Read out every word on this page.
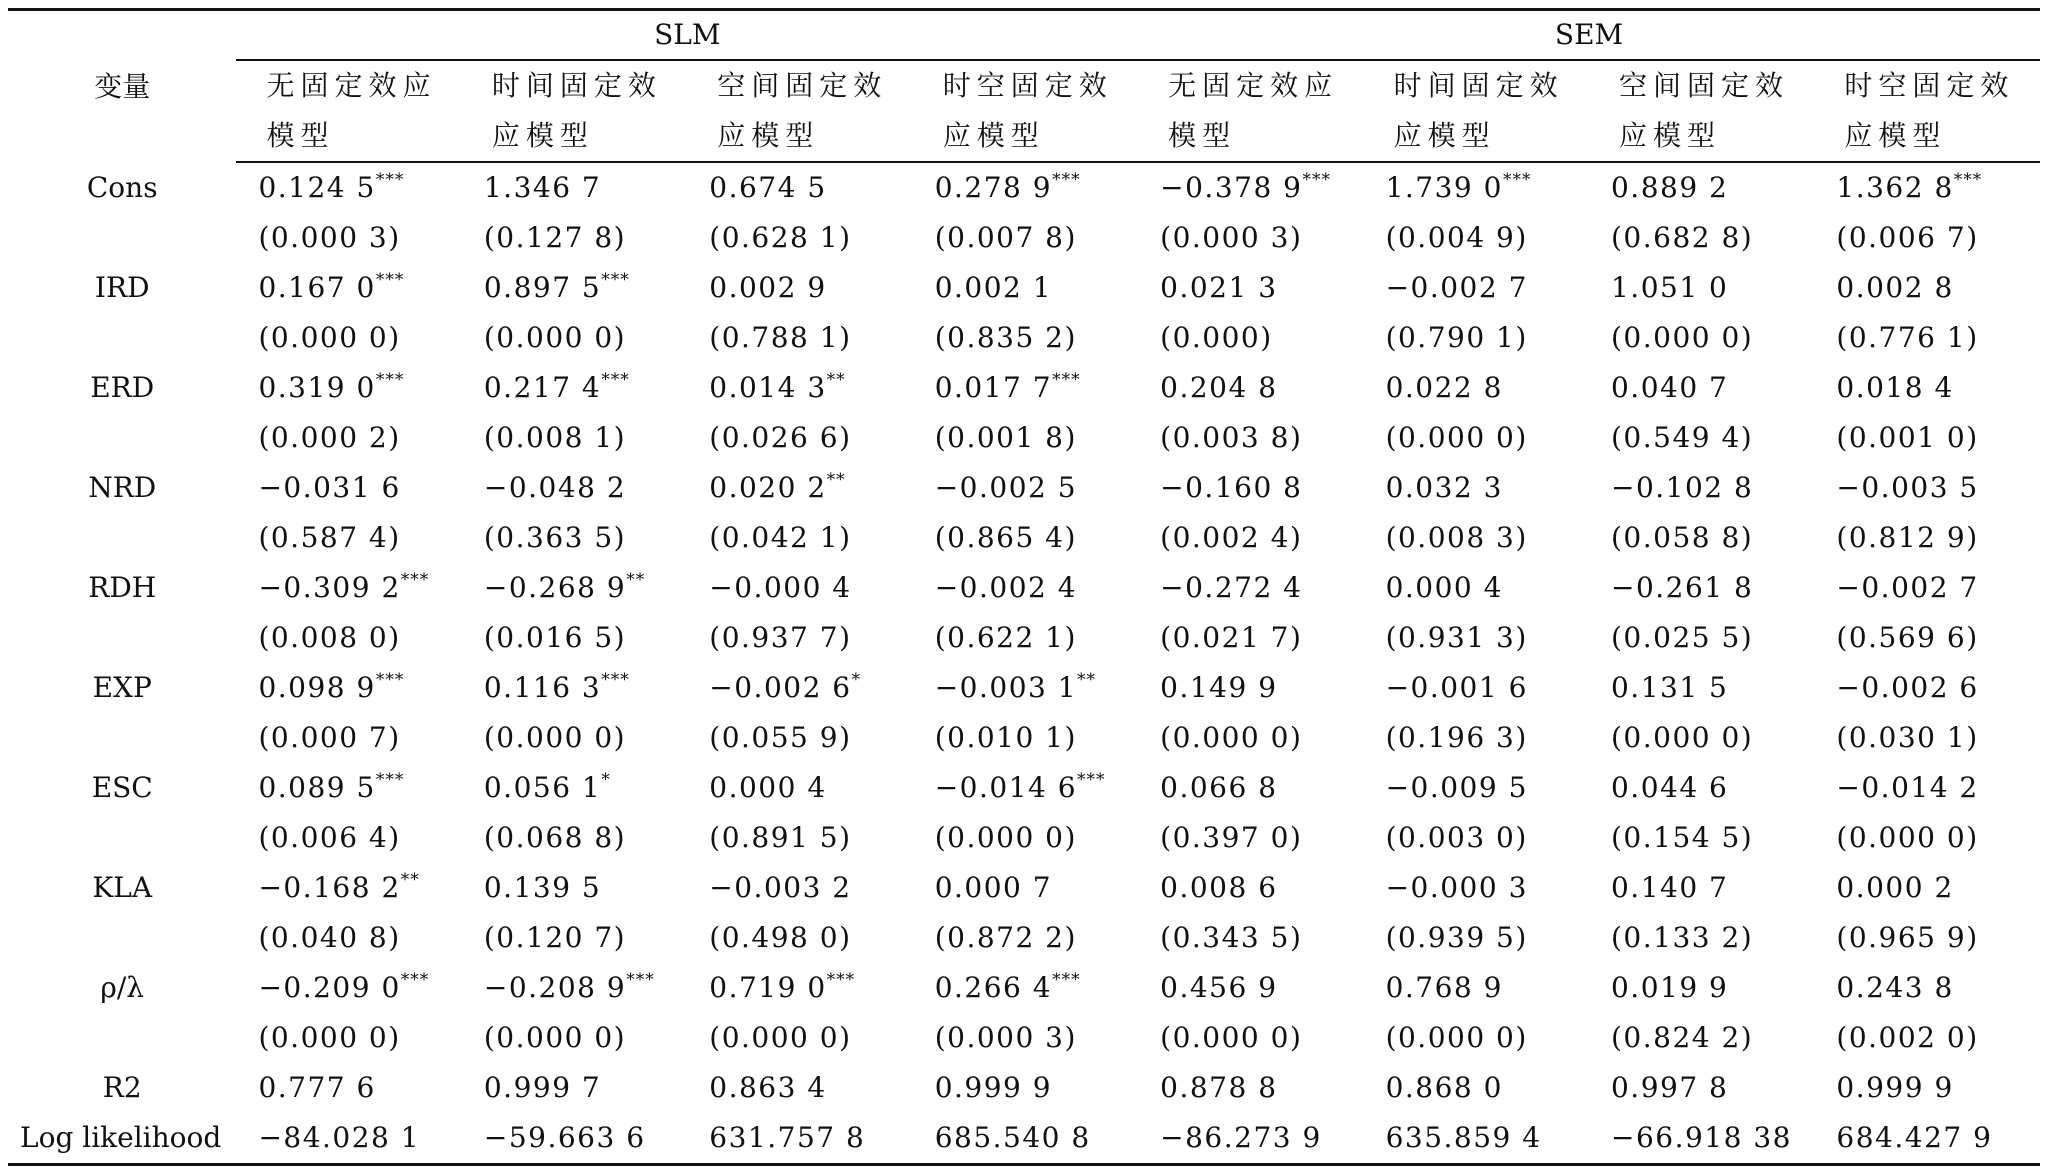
变量	SLM				SEM			
	无固定效应	时间固定效	空间固定效	时空固定效	无固定效应	时间固定效	空间固定效	时空固定效
	模型	应模型	应模型	应模型	模型	应模型	应模型	应模型
Cons	0.124 5***	1.346 7	0.674 5	0.278 9***	−0.378 9***	1.739 0***	0.889 2	1.362 8***
	(0.000 3)	(0.127 8)	(0.628 1)	(0.007 8)	(0.000 3)	(0.004 9)	(0.682 8)	(0.006 7)
IRD	0.167 0***	0.897 5***	0.002 9	0.002 1	0.021 3	−0.002 7	1.051 0	0.002 8
	(0.000 0)	(0.000 0)	(0.788 1)	(0.835 2)	(0.000)	(0.790 1)	(0.000 0)	(0.776 1)
ERD	0.319 0***	0.217 4***	0.014 3**	0.017 7***	0.204 8	0.022 8	0.040 7	0.018 4
	(0.000 2)	(0.008 1)	(0.026 6)	(0.001 8)	(0.003 8)	(0.000 0)	(0.549 4)	(0.001 0)
NRD	−0.031 6	−0.048 2	0.020 2**	−0.002 5	−0.160 8	0.032 3	−0.102 8	−0.003 5
	(0.587 4)	(0.363 5)	(0.042 1)	(0.865 4)	(0.002 4)	(0.008 3)	(0.058 8)	(0.812 9)
RDH	−0.309 2***	−0.268 9**	−0.000 4	−0.002 4	−0.272 4	0.000 4	−0.261 8	−0.002 7
	(0.008 0)	(0.016 5)	(0.937 7)	(0.622 1)	(0.021 7)	(0.931 3)	(0.025 5)	(0.569 6)
EXP	0.098 9***	0.116 3***	−0.002 6*	−0.003 1**	0.149 9	−0.001 6	0.131 5	−0.002 6
	(0.000 7)	(0.000 0)	(0.055 9)	(0.010 1)	(0.000 0)	(0.196 3)	(0.000 0)	(0.030 1)
ESC	0.089 5***	0.056 1*	0.000 4	−0.014 6***	0.066 8	−0.009 5	0.044 6	−0.014 2
	(0.006 4)	(0.068 8)	(0.891 5)	(0.000 0)	(0.397 0)	(0.003 0)	(0.154 5)	(0.000 0)
KLA	−0.168 2**	0.139 5	−0.003 2	0.000 7	0.008 6	−0.000 3	0.140 7	0.000 2
	(0.040 8)	(0.120 7)	(0.498 0)	(0.872 2)	(0.343 5)	(0.939 5)	(0.133 2)	(0.965 9)
ρ/λ	−0.209 0***	−0.208 9***	0.719 0***	0.266 4***	0.456 9	0.768 9	0.019 9	0.243 8
	(0.000 0)	(0.000 0)	(0.000 0)	(0.000 3)	(0.000 0)	(0.000 0)	(0.824 2)	(0.002 0)
R2	0.777 6	0.999 7	0.863 4	0.999 9	0.878 8	0.868 0	0.997 8	0.999 9
Log likelihood	−84.028 1	−59.663 6	631.757 8	685.540 8	−86.273 9	635.859 4	−66.918 38	684.427 9
